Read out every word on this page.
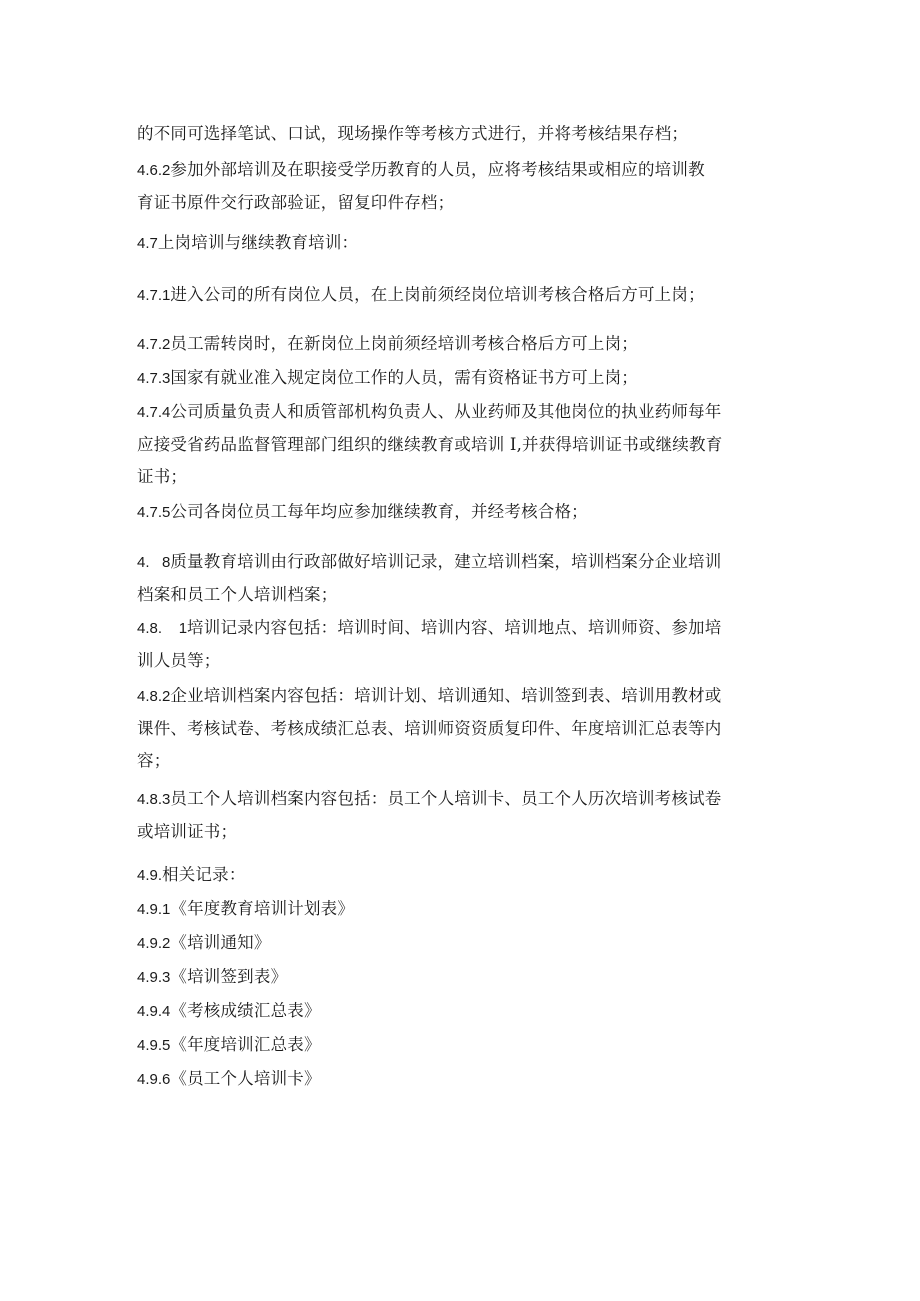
的不同可选择笔试、口试，现场操作等考核方式进行，并将考核结果存档；
4.6.2参加外部培训及在职接受学历教育的人员，应将考核结果或相应的培训教
育证书原件交行政部验证，留复印件存档；
4.7上岗培训与继续教育培训：
4.7.1进入公司的所有岗位人员，在上岗前须经岗位培训考核合格后方可上岗；
4.7.2员工需转岗时，在新岗位上岗前须经培训考核合格后方可上岗；
4.7.3国家有就业准入规定岗位工作的人员，需有资格证书方可上岗；
4.7.4公司质量负责人和质管部机构负责人、从业药师及其他岗位的执业药师每年
应接受省药品监督管理部门组织的继续教育或培训 I,并获得培训证书或继续教育
证书；
4.7.5公司各岗位员工每年均应参加继续教育，并经考核合格；
4.   8质量教育培训由行政部做好培训记录，建立培训档案，培训档案分企业培训
档案和员工个人培训档案；
4.8.    1培训记录内容包括：培训时间、培训内容、培训地点、培训师资、参加培
训人员等；
4.8.2企业培训档案内容包括：培训计划、培训通知、培训签到表、培训用教材或
课件、考核试卷、考核成绩汇总表、培训师资资质复印件、年度培训汇总表等内
容；
4.8.3员工个人培训档案内容包括：员工个人培训卡、员工个人历次培训考核试卷
或培训证书；
4.9.相关记录：
4.9.1《年度教育培训计划表》
4.9.2《培训通知》
4.9.3《培训签到表》
4.9.4《考核成绩汇总表》
4.9.5《年度培训汇总表》
4.9.6《员工个人培训卡》
